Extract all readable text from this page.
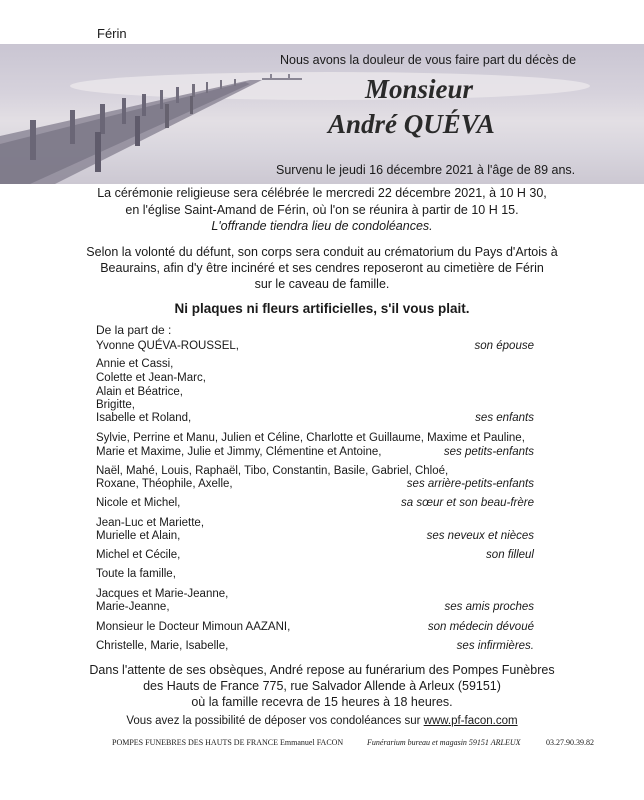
Férin
Nous avons la douleur de vous faire part du décès de
Monsieur
André QUÉVA
Survenu le jeudi 16 décembre 2021 à l'âge de 89 ans.
La cérémonie religieuse sera célébrée le mercredi 22 décembre 2021, à 10 H 30,
en l'église Saint-Amand de Férin, où l'on se réunira à partir de 10 H 15.
L'offrande tiendra lieu de condoléances.
Selon la volonté du défunt, son corps sera conduit au crématorium du Pays d'Artois à
Beaurains, afin d'y être incinéré et ses cendres reposeront au cimetière de Férin
sur le caveau de famille.
Ni plaques ni fleurs artificielles, s'il vous plait.
De la part de :
Yvonne QUÉVA-ROUSSEL,	son épouse
Annie et Cassi,
Colette et Jean-Marc,
Alain et Béatrice,
Brigitte,
Isabelle et Roland,	ses enfants
Sylvie, Perrine et Manu, Julien et Céline, Charlotte et Guillaume, Maxime et Pauline,
Marie et Maxime, Julie et Jimmy, Clémentine et Antoine,	ses petits-enfants
Naël, Mahé, Louis, Raphaël, Tibo, Constantin, Basile, Gabriel, Chloé,
Roxane, Théophile, Axelle,	ses arrière-petits-enfants
Nicole et Michel,	sa sœur et son beau-frère
Jean-Luc et Mariette,
Murielle et Alain,	ses neveux et nièces
Michel et Cécile,	son filleul
Toute la famille,
Jacques et Marie-Jeanne,
Marie-Jeanne,	ses amis proches
Monsieur le Docteur Mimoun AAZANI,	son médecin dévoué
Christelle, Marie, Isabelle,	ses infirmières.
Dans l'attente de ses obsèques, André repose au funérarium des Pompes Funèbres
des Hauts de France 775, rue Salvador Allende à Arleux (59151)
où la famille recevra de 15 heures à 18 heures.
Vous avez la possibilité de déposer vos condoléances sur www.pf-facon.com
POMPES FUNEBRES DES HAUTS DE FRANCE Emmanuel FACON	Funérarium bureau et magasin 59151 ARLEUX	03.27.90.39.82
